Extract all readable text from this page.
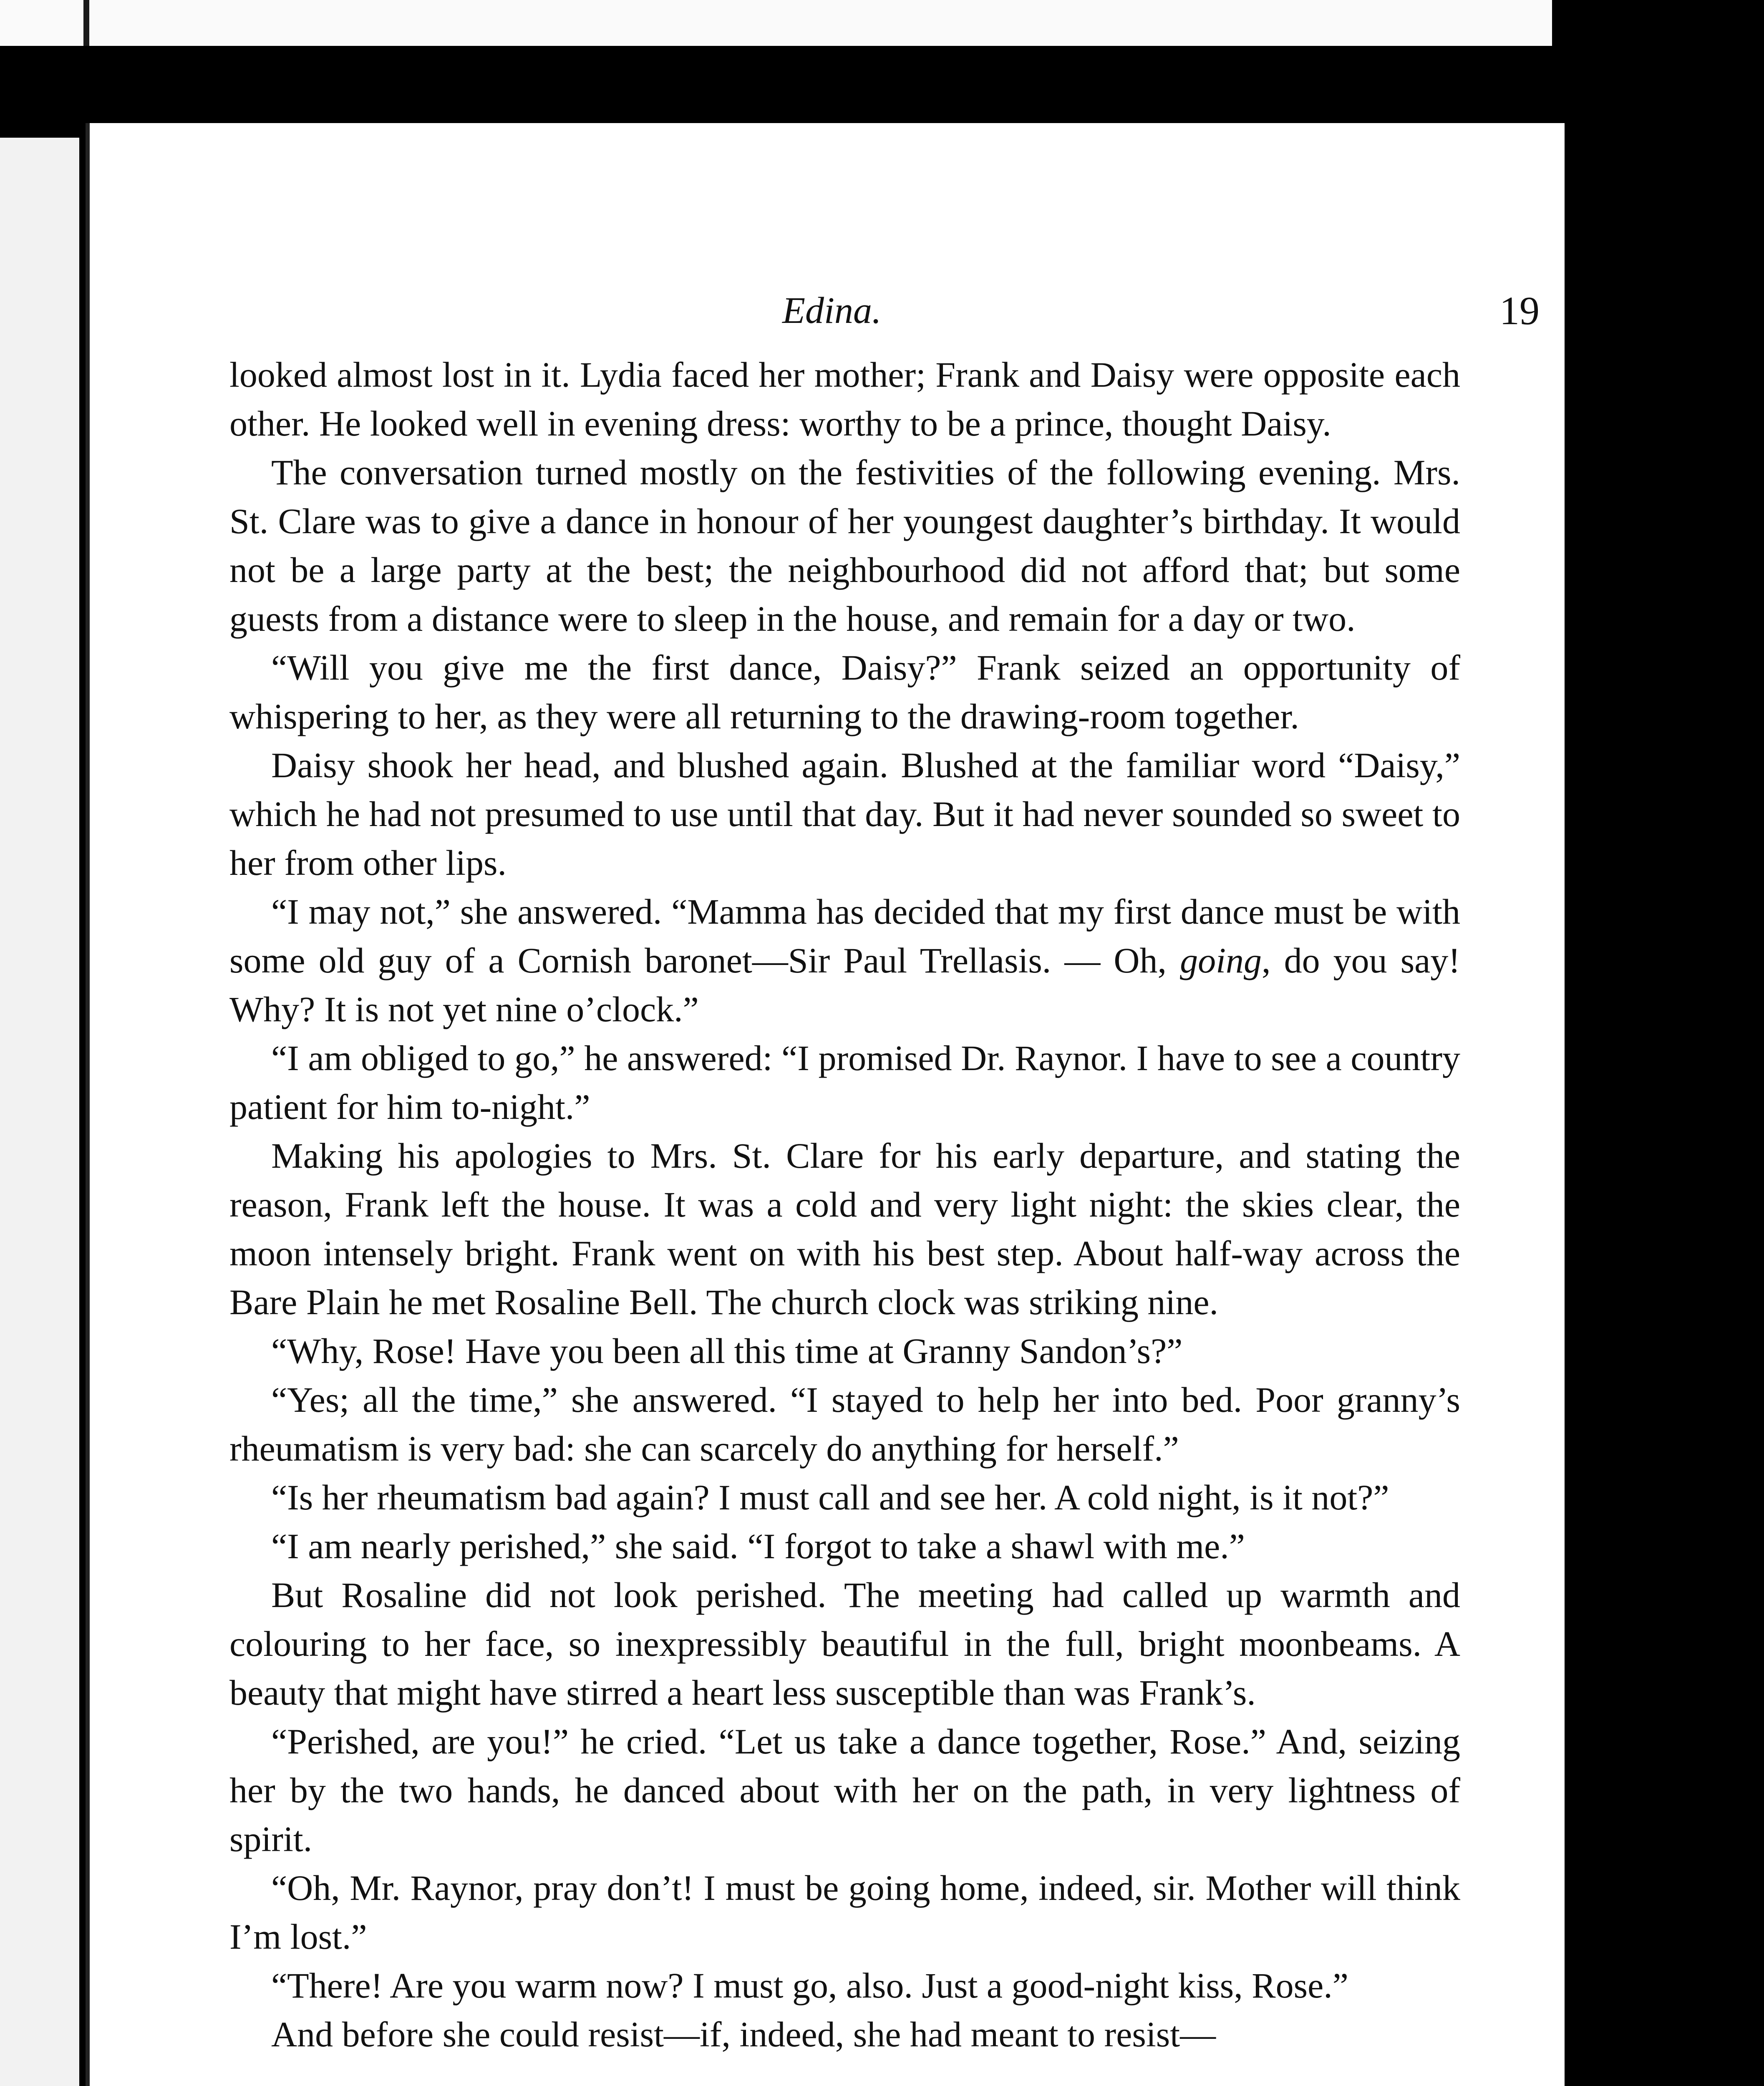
Edina.	19

looked almost lost in it. Lydia faced her mother; Frank and Daisy were opposite each other. He looked well in evening dress: worthy to be a prince, thought Daisy.

The conversation turned mostly on the festivities of the following evening. Mrs. St. Clare was to give a dance in honour of her youngest daughter’s birthday. It would not be a large party at the best; the neighbourhood did not afford that; but some guests from a distance were to sleep in the house, and remain for a day or two.

“Will you give me the first dance, Daisy?” Frank seized an opportunity of whispering to her, as they were all returning to the drawing-room together.

Daisy shook her head, and blushed again. Blushed at the familiar word “Daisy,” which he had not presumed to use until that day. But it had never sounded so sweet to her from other lips.

“I may not,” she answered. “Mamma has decided that my first dance must be with some old guy of a Cornish baronet—Sir Paul Trellasis. — Oh, going, do you say! Why? It is not yet nine o’clock.”

“I am obliged to go,” he answered: “I promised Dr. Raynor. I have to see a country patient for him to-night.”

Making his apologies to Mrs. St. Clare for his early departure, and stating the reason, Frank left the house. It was a cold and very light night: the skies clear, the moon intensely bright. Frank went on with his best step. About half-way across the Bare Plain he met Rosaline Bell. The church clock was striking nine.

“Why, Rose! Have you been all this time at Granny Sandon’s?”

“Yes; all the time,” she answered. “I stayed to help her into bed. Poor granny’s rheumatism is very bad: she can scarcely do anything for herself.”

“Is her rheumatism bad again? I must call and see her. A cold night, is it not?”

“I am nearly perished,” she said. “I forgot to take a shawl with me.”

But Rosaline did not look perished. The meeting had called up warmth and colouring to her face, so inexpressibly beautiful in the full, bright moonbeams. A beauty that might have stirred a heart less susceptible than was Frank’s.

“Perished, are you!” he cried. “Let us take a dance together, Rose.” And, seizing her by the two hands, he danced about with her on the path, in very lightness of spirit.

“Oh, Mr. Raynor, pray don’t! I must be going home, indeed, sir. Mother will think I’m lost.”

“There! Are you warm now? I must go, also. Just a good-night kiss, Rose.”

And before she could resist—if, indeed, she had meant to resist—
